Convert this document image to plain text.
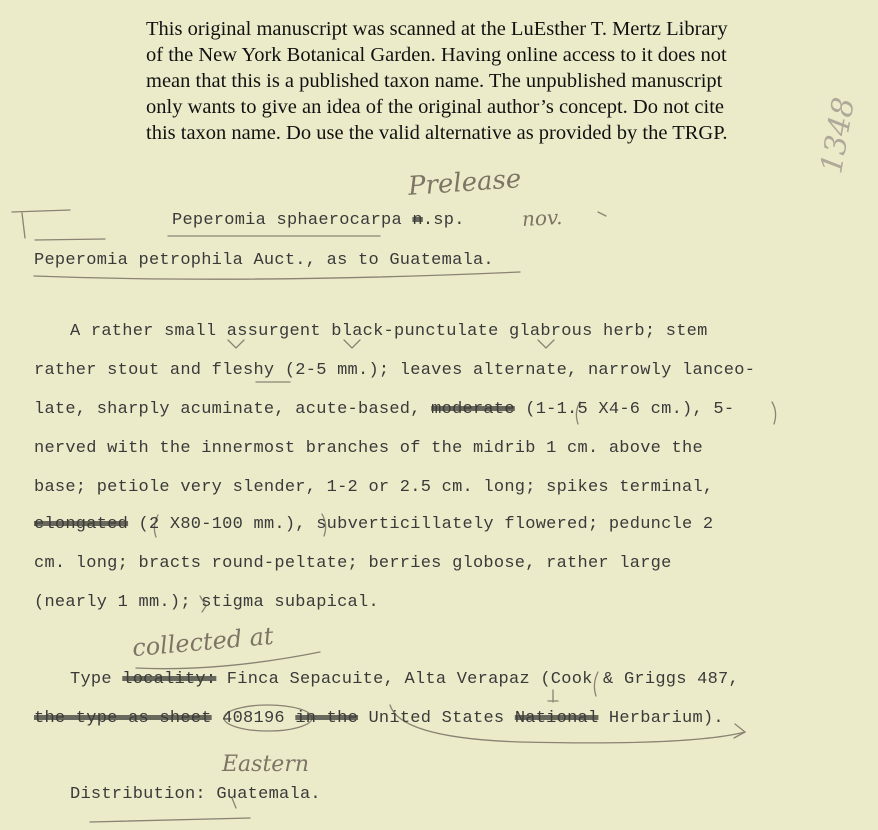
This original manuscript was scanned at the LuEsther T. Mertz Library

of the New York Botanical Garden. Having online access to it does not

mean that this is a published taxon name. The unpublished manuscript

only wants to give an idea of the original author’s concept. Do not cite

this taxon name. Do use the valid alternative as provided by the TRGP.

Prelease
nov.
1348
collected at
Eastern
Peperomia sphaerocarpa n.sp.
Peperomia petrophila Auct., as to Guatemala.
A rather small assurgent black-punctulate glabrous herb; stem
rather stout and fleshy (2-5 mm.); leaves alternate, narrowly lanceo-
late, sharply acuminate, acute-based, moderate (1-1.5 X4-6 cm.), 5-
nerved with the innermost branches of the midrib 1 cm. above the
base; petiole very slender, 1-2 or 2.5 cm. long; spikes terminal,
elongated (2 X80-100 mm.), subverticillately flowered; peduncle 2
cm. long; bracts round-peltate; berries globose, rather large
(nearly 1 mm.); stigma subapical.
Type locality: Finca Sepacuite, Alta Verapaz (Cook & Griggs 487,
the type as sheet 408196 in the United States National Herbarium).
Distribution: Guatemala.
